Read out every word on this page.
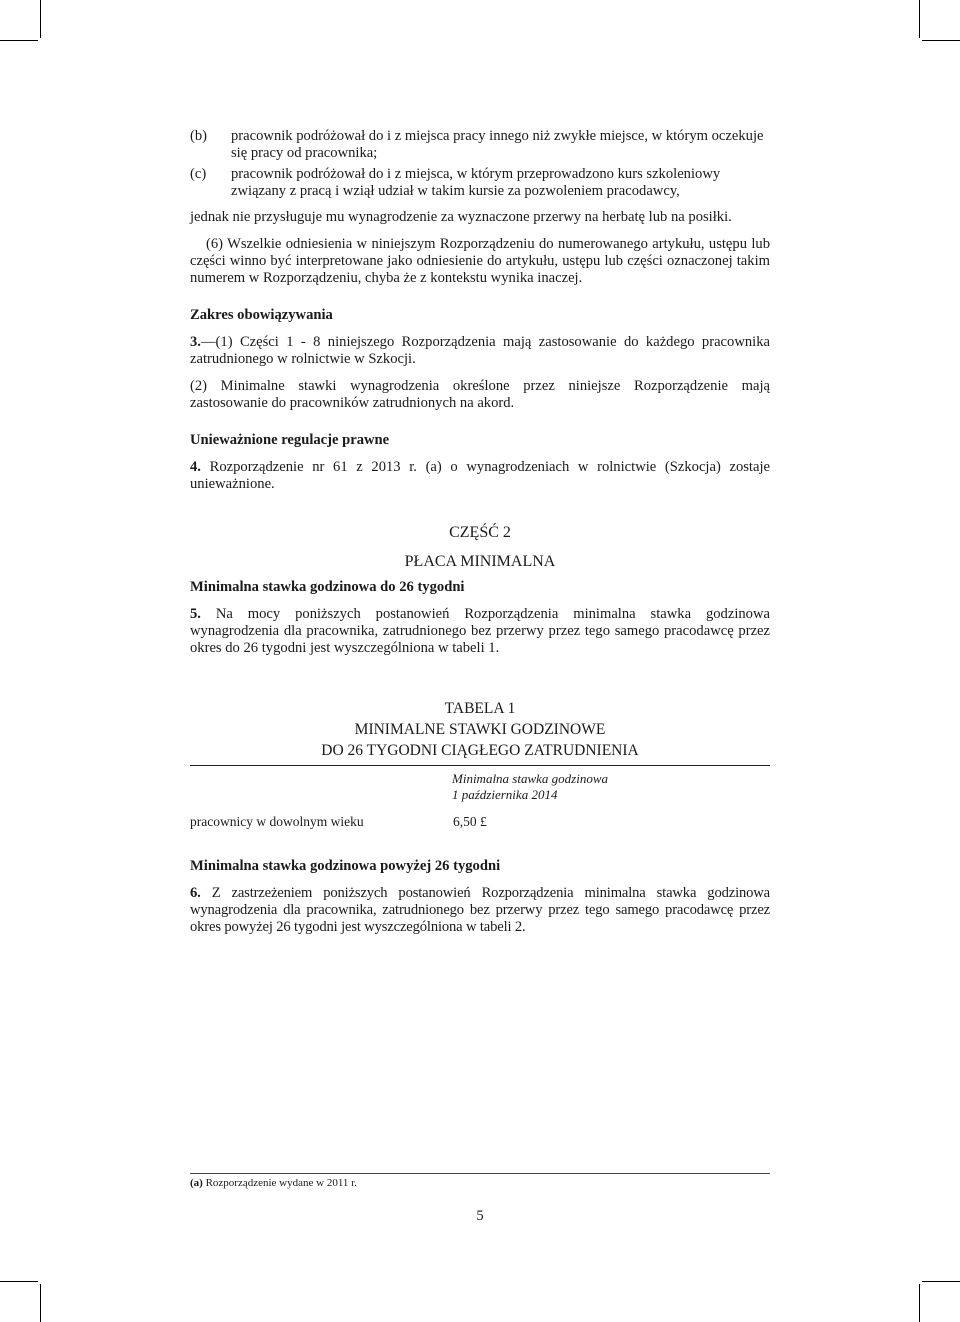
(b)	pracownik podróżował do i z miejsca pracy innego niż zwykłe miejsce, w którym oczekuje się pracy od pracownika;
(c)	pracownik podróżował do i z miejsca, w którym przeprowadzono kurs szkoleniowy związany z pracą i wziął udział w takim kursie za pozwoleniem pracodawcy,

jednak nie przysługuje mu wynagrodzenie za wyznaczone przerwy na herbatę lub na posiłki.

(6) Wszelkie odniesienia w niniejszym Rozporządzeniu do numerowanego artykułu, ustępu lub części winno być interpretowane jako odniesienie do artykułu, ustępu lub części oznaczonej takim numerem w Rozporządzeniu, chyba że z kontekstu wynika inaczej.

Zakres obowiązywania

3.—(1) Części 1 - 8 niniejszego Rozporządzenia mają zastosowanie do każdego pracownika zatrudnionego w rolnictwie w Szkocji.

(2) Minimalne stawki wynagrodzenia określone przez niniejsze Rozporządzenie mają zastosowanie do pracowników zatrudnionych na akord.

Unieważnione regulacje prawne

4. Rozporządzenie nr 61 z 2013 r. (a) o wynagrodzeniach w rolnictwie (Szkocja) zostaje unieważnione.

CZĘŚĆ 2
PŁACA MINIMALNA
Minimalna stawka godzinowa do 26 tygodni

5. Na mocy poniższych postanowień Rozporządzenia minimalna stawka godzinowa wynagrodzenia dla pracownika, zatrudnionego bez przerwy przez tego samego pracodawcę przez okres do 26 tygodni jest wyszczególniona w tabeli 1.

TABELA 1
MINIMALNE STAWKI GODZINOWE
DO 26 TYGODNI CIĄGŁEGO ZATRUDNIENIA
Minimalna stawka godzinowa
1 października 2014
pracownicy w dowolnym wieku	6,50 £
Minimalna stawka godzinowa powyżej 26 tygodni

6. Z zastrzeżeniem poniższych postanowień Rozporządzenia minimalna stawka godzinowa wynagrodzenia dla pracownika, zatrudnionego bez przerwy przez tego samego pracodawcę przez okres powyżej 26 tygodni jest wyszczególniona w tabeli 2.

(a) Rozporządzenie wydane w 2011 r.
5
